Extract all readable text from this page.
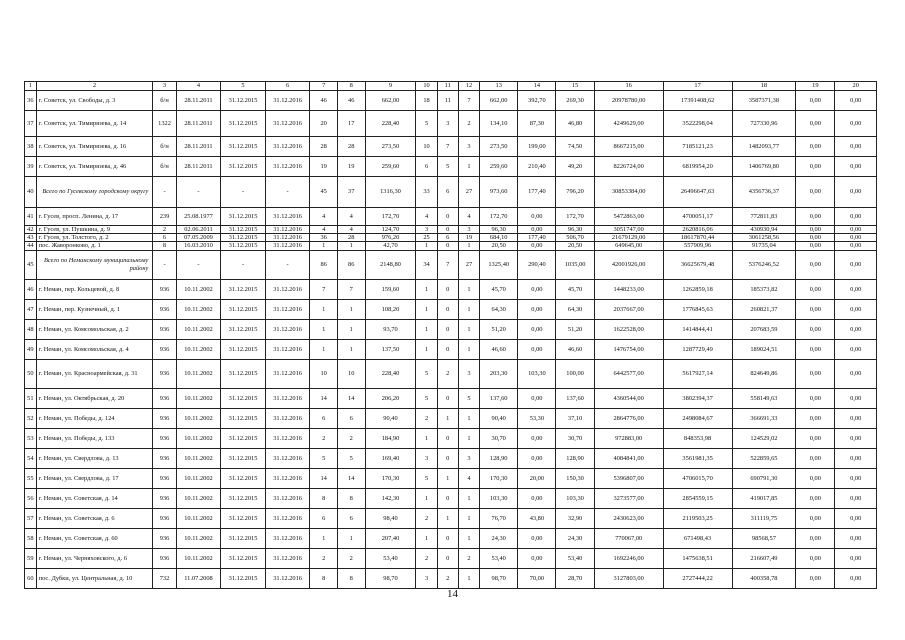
1	2	3	4	5	6	7	8	9	10	11	12	13	14	15	16	17	18	19	20
36	г. Советск, ул. Свободы, д. 3	б/н	28.11.2011	31.12.2015	31.12.2016	46	46	662,00	18	11	7	662,00	392,70	269,30	20978780,00	17391408,62	3587371,38	0,00	0,00
37	г. Советск, ул. Тимирязева, д. 14	1322	28.11.2011	31.12.2015	31.12.2016	20	17	228,40	5	3	2	134,10	87,30	46,80	4249629,00	3522298,04	727330,96	0,00	0,00
38	г. Советск, ул. Тимирязева, д. 16	б/н	28.11.2011	31.12.2015	31.12.2016	28	28	273,50	10	7	3	273,50	199,00	74,50	8667215,00	7185121,23	1482093,77	0,00	0,00
39	г. Советск, ул. Тимирязева, д. 46	б/н	28.11.2011	31.12.2015	31.12.2016	19	19	259,60	6	5	1	259,60	210,40	49,20	8226724,00	6819954,20	1406769,80	0,00	0,00
40	Всего по Гусевскому городскому округу	-	-	-	-	45	37	1316,30	33	6	27	973,60	177,40	796,20	30853384,00	26496647,63	4356736,37	0,00	0,00
41	г. Гусев, просп. Ленина, д. 17	239	25.08.1977	31.12.2015	31.12.2016	4	4	172,70	4	0	4	172,70	0,00	172,70	5472863,00	4700051,17	772811,83	0,00	0,00
42	г. Гусев, ул. Пушкина, д. 9	2	02.06.2011	31.12.2015	31.12.2016	4	4	124,70	3	0	3	96,30	0,00	96,30	3051747,00	2620816,06	430930,94	0,00	0,00
43	г. Гусев, ул. Толстого, д. 2	6	07.05.2009	31.12.2015	31.12.2016	36	28	976,20	25	6	19	684,10	177,40	506,70	21679129,00	18617870,44	3061258,56	0,00	0,00
44	пос. Жаворонково, д. 1	8	16.03.2010	31.12.2015	31.12.2016	1	1	42,70	1	0	1	20,50	0,00	20,50	649645,00	557909,96	91735,04	0,00	0,00
45	Всего по Неманскому муниципальному району	-	-	-	-	86	86	2148,80	34	7	27	1325,40	290,40	1035,00	42001926,00	36625679,48	5376246,52	0,00	0,00
46	г. Неман, пер. Кольцевой, д. 8	936	10.11.2002	31.12.2015	31.12.2016	7	7	159,60	1	0	1	45,70	0,00	45,70	1448233,00	1262859,18	185373,82	0,00	0,00
47	г. Неман, пер. Кузнечный, д. 1	936	10.11.2002	31.12.2015	31.12.2016	1	1	108,20	1	0	1	64,30	0,00	64,30	2037667,00	1776845,63	260821,37	0,00	0,00
48	г. Неман, ул. Комсомольская, д. 2	936	10.11.2002	31.12.2015	31.12.2016	1	1	93,70	1	0	1	51,20	0,00	51,20	1622528,00	1414844,41	207683,59	0,00	0,00
49	г. Неман, ул. Комсомольская, д. 4	936	10.11.2002	31.12.2015	31.12.2016	1	1	137,50	1	0	1	46,60	0,00	46,60	1476754,00	1287729,49	189024,51	0,00	0,00
50	г. Неман, ул. Красноармейская, д. 31	936	10.11.2002	31.12.2015	31.12.2016	10	10	228,40	5	2	3	203,30	103,30	100,00	6442577,00	5617927,14	824649,86	0,00	0,00
51	г. Неман, ул. Октябрьская, д. 20	936	10.11.2002	31.12.2015	31.12.2016	14	14	206,20	5	0	5	137,60	0,00	137,60	4360544,00	3802394,37	558149,63	0,00	0,00
52	г. Неман, ул. Победы, д. 124	936	10.11.2002	31.12.2015	31.12.2016	6	6	90,40	2	1	1	90,40	53,30	37,10	2864776,00	2498084,67	366691,33	0,00	0,00
53	г. Неман, ул. Победы, д. 133	936	10.11.2002	31.12.2015	31.12.2016	2	2	184,90	1	0	1	30,70	0,00	30,70	972883,00	848353,98	124529,02	0,00	0,00
54	г. Неман, ул. Свердлова, д. 13	936	10.11.2002	31.12.2015	31.12.2016	5	5	169,40	3	0	3	128,90	0,00	128,90	4084841,00	3561981,35	522859,65	0,00	0,00
55	г. Неман, ул. Свердлова, д. 17	936	10.11.2002	31.12.2015	31.12.2016	14	14	170,30	5	1	4	170,30	20,00	150,30	5396807,00	4706015,70	690791,30	0,00	0,00
56	г. Неман, ул. Советская, д. 14	936	10.11.2002	31.12.2015	31.12.2016	8	8	142,30	1	0	1	103,30	0,00	103,30	3273577,00	2854559,15	419017,85	0,00	0,00
57	г. Неман, ул. Советская, д. 6	936	10.11.2002	31.12.2015	31.12.2016	6	6	98,40	2	1	1	76,70	43,80	32,90	2430623,00	2119503,25	311119,75	0,00	0,00
58	г. Неман, ул. Советская, д. 60	936	10.11.2002	31.12.2015	31.12.2016	1	1	207,40	1	0	1	24,30	0,00	24,30	770067,00	671498,43	98568,57	0,00	0,00
59	г. Неман, ул. Черняховского, д. 6	936	10.11.2002	31.12.2015	31.12.2016	2	2	53,40	2	0	2	53,40	0,00	53,40	1692246,00	1475638,51	216607,49	0,00	0,00
60	пос. Дубки, ул. Центральная, д. 10	732	11.07.2008	31.12.2015	31.12.2016	8	8	98,70	3	2	1	98,70	70,00	28,70	3127803,00	2727444,22	400358,78	0,00	0,00
14
